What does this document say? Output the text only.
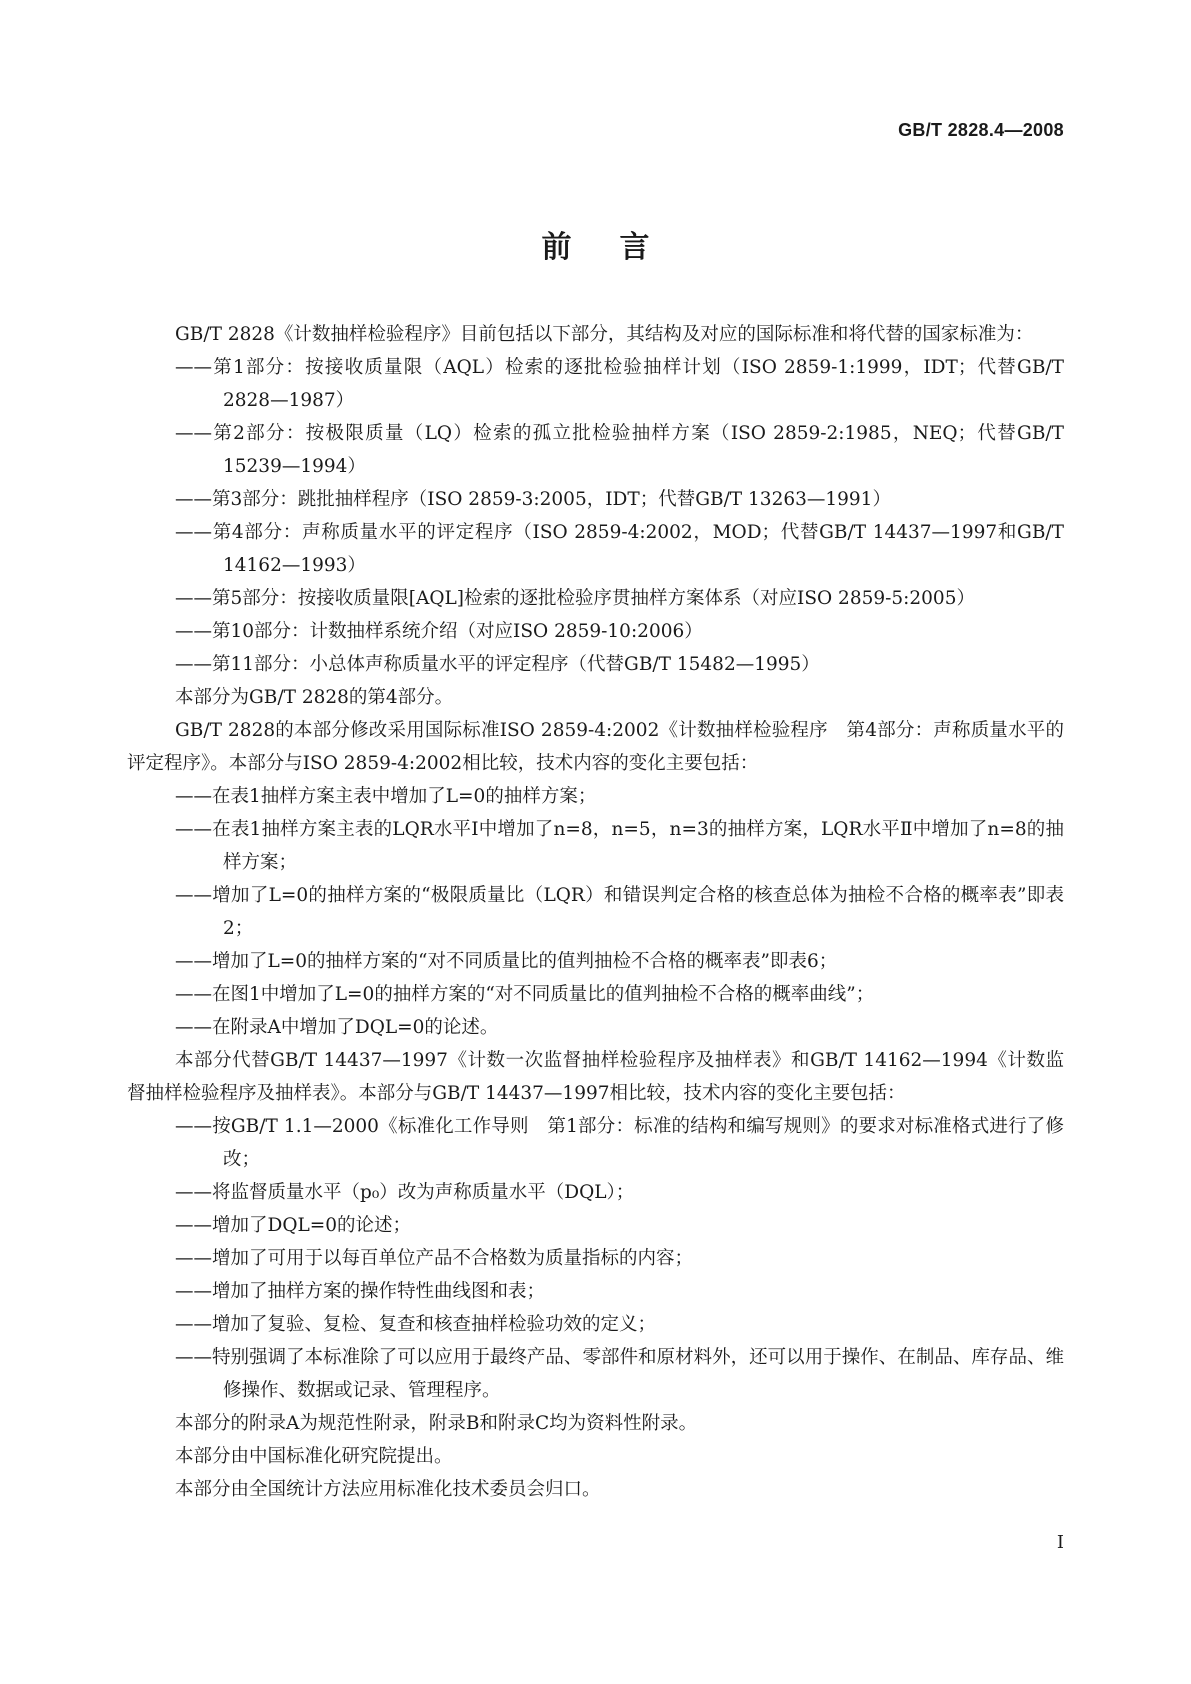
GB/T 2828.4—2008
前言

GB/T 2828《计数抽样检验程序》目前包括以下部分，其结构及对应的国际标准和将代替的国家标准为：

——第1部分：按接收质量限（AQL）检索的逐批检验抽样计划（ISO 2859-1:1999，IDT；代替GB/T 2828—1987）

——第2部分：按极限质量（LQ）检索的孤立批检验抽样方案（ISO 2859-2:1985，NEQ；代替GB/T 15239—1994）

——第3部分：跳批抽样程序（ISO 2859-3:2005，IDT；代替GB/T 13263—1991）

——第4部分：声称质量水平的评定程序（ISO 2859-4:2002，MOD；代替GB/T 14437—1997和GB/T 14162—1993）

——第5部分：按接收质量限[AQL]检索的逐批检验序贯抽样方案体系（对应ISO 2859-5:2005）

——第10部分：计数抽样系统介绍（对应ISO 2859-10:2006）

——第11部分：小总体声称质量水平的评定程序（代替GB/T 15482—1995）

本部分为GB/T 2828的第4部分。

GB/T 2828的本部分修改采用国际标准ISO 2859-4:2002《计数抽样检验程序　第4部分：声称质量水平的评定程序》。本部分与ISO 2859-4:2002相比较，技术内容的变化主要包括：

——在表1抽样方案主表中增加了L=0的抽样方案；

——在表1抽样方案主表的LQR水平Ⅰ中增加了n=8，n=5，n=3的抽样方案，LQR水平Ⅱ中增加了n=8的抽样方案；

——增加了L=0的抽样方案的“极限质量比（LQR）和错误判定合格的核查总体为抽检不合格的概率表”即表2；

——增加了L=0的抽样方案的“对不同质量比的值判抽检不合格的概率表”即表6；

——在图1中增加了L=0的抽样方案的“对不同质量比的值判抽检不合格的概率曲线”；

——在附录A中增加了DQL=0的论述。

本部分代替GB/T 14437—1997《计数一次监督抽样检验程序及抽样表》和GB/T 14162—1994《计数监督抽样检验程序及抽样表》。本部分与GB/T 14437—1997相比较，技术内容的变化主要包括：

——按GB/T 1.1—2000《标准化工作导则　第1部分：标准的结构和编写规则》的要求对标准格式进行了修改；

——将监督质量水平（p₀）改为声称质量水平（DQL）；

——增加了DQL=0的论述；

——增加了可用于以每百单位产品不合格数为质量指标的内容；

——增加了抽样方案的操作特性曲线图和表；

——增加了复验、复检、复查和核查抽样检验功效的定义；

——特别强调了本标准除了可以应用于最终产品、零部件和原材料外，还可以用于操作、在制品、库存品、维修操作、数据或记录、管理程序。

本部分的附录A为规范性附录，附录B和附录C均为资料性附录。

本部分由中国标准化研究院提出。

本部分由全国统计方法应用标准化技术委员会归口。

I
